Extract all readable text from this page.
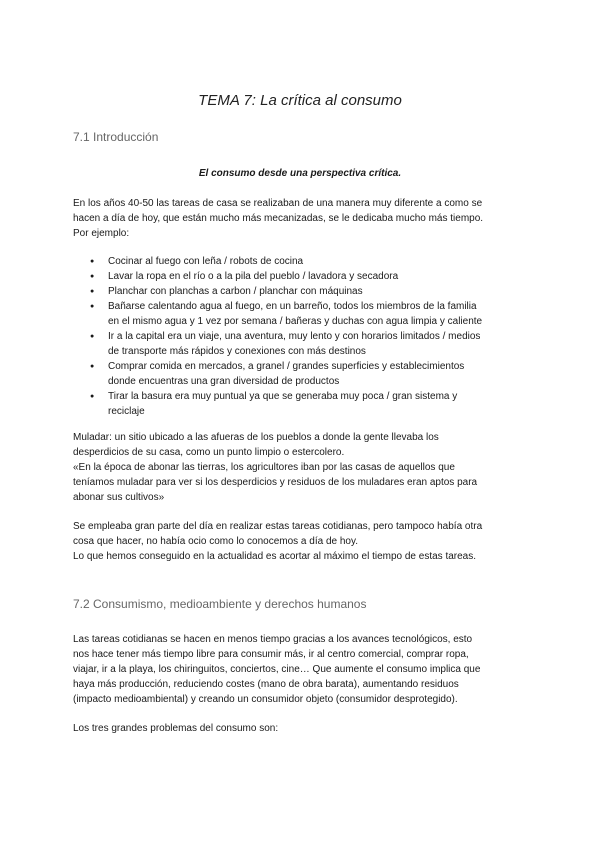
TEMA 7: La crítica al consumo
7.1 Introducción

El consumo desde una perspectiva crítica.

En los años 40-50 las tareas de casa se realizaban de una manera muy diferente a como se
hacen a día de hoy, que están mucho más mecanizadas, se le dedicaba mucho más tiempo.
Por ejemplo:

● Cocinar al fuego con leña / robots de cocina
● Lavar la ropa en el río o a la pila del pueblo / lavadora y secadora
● Planchar con planchas a carbon / planchar con máquinas
● Bañarse calentando agua al fuego, en un barreño, todos los miembros de la familia
en el mismo agua y 1 vez por semana / bañeras y duchas con agua limpia y caliente
● Ir a la capital era un viaje, una aventura, muy lento y con horarios limitados / medios
de transporte más rápidos y conexiones con más destinos
● Comprar comida en mercados, a granel / grandes superficies y establecimientos
donde encuentras una gran diversidad de productos
● Tirar la basura era muy puntual ya que se generaba muy poca / gran sistema y
reciclaje

Muladar: un sitio ubicado a las afueras de los pueblos a donde la gente llevaba los
desperdicios de su casa, como un punto limpio o estercolero.
«En la época de abonar las tierras, los agricultores iban por las casas de aquellos que
teníamos muladar para ver si los desperdicios y residuos de los muladares eran aptos para
abonar sus cultivos»

Se empleaba gran parte del día en realizar estas tareas cotidianas, pero tampoco había otra
cosa que hacer, no había ocio como lo conocemos a día de hoy.
Lo que hemos conseguido en la actualidad es acortar al máximo el tiempo de estas tareas.

7.2 Consumismo, medioambiente y derechos humanos

Las tareas cotidianas se hacen en menos tiempo gracias a los avances tecnológicos, esto
nos hace tener más tiempo libre para consumir más, ir al centro comercial, comprar ropa,
viajar, ir a la playa, los chiringuitos, conciertos, cine… Que aumente el consumo implica que
haya más producción, reduciendo costes (mano de obra barata), aumentando residuos
(impacto medioambiental) y creando un consumidor objeto (consumidor desprotegido).

Los tres grandes problemas del consumo son:
